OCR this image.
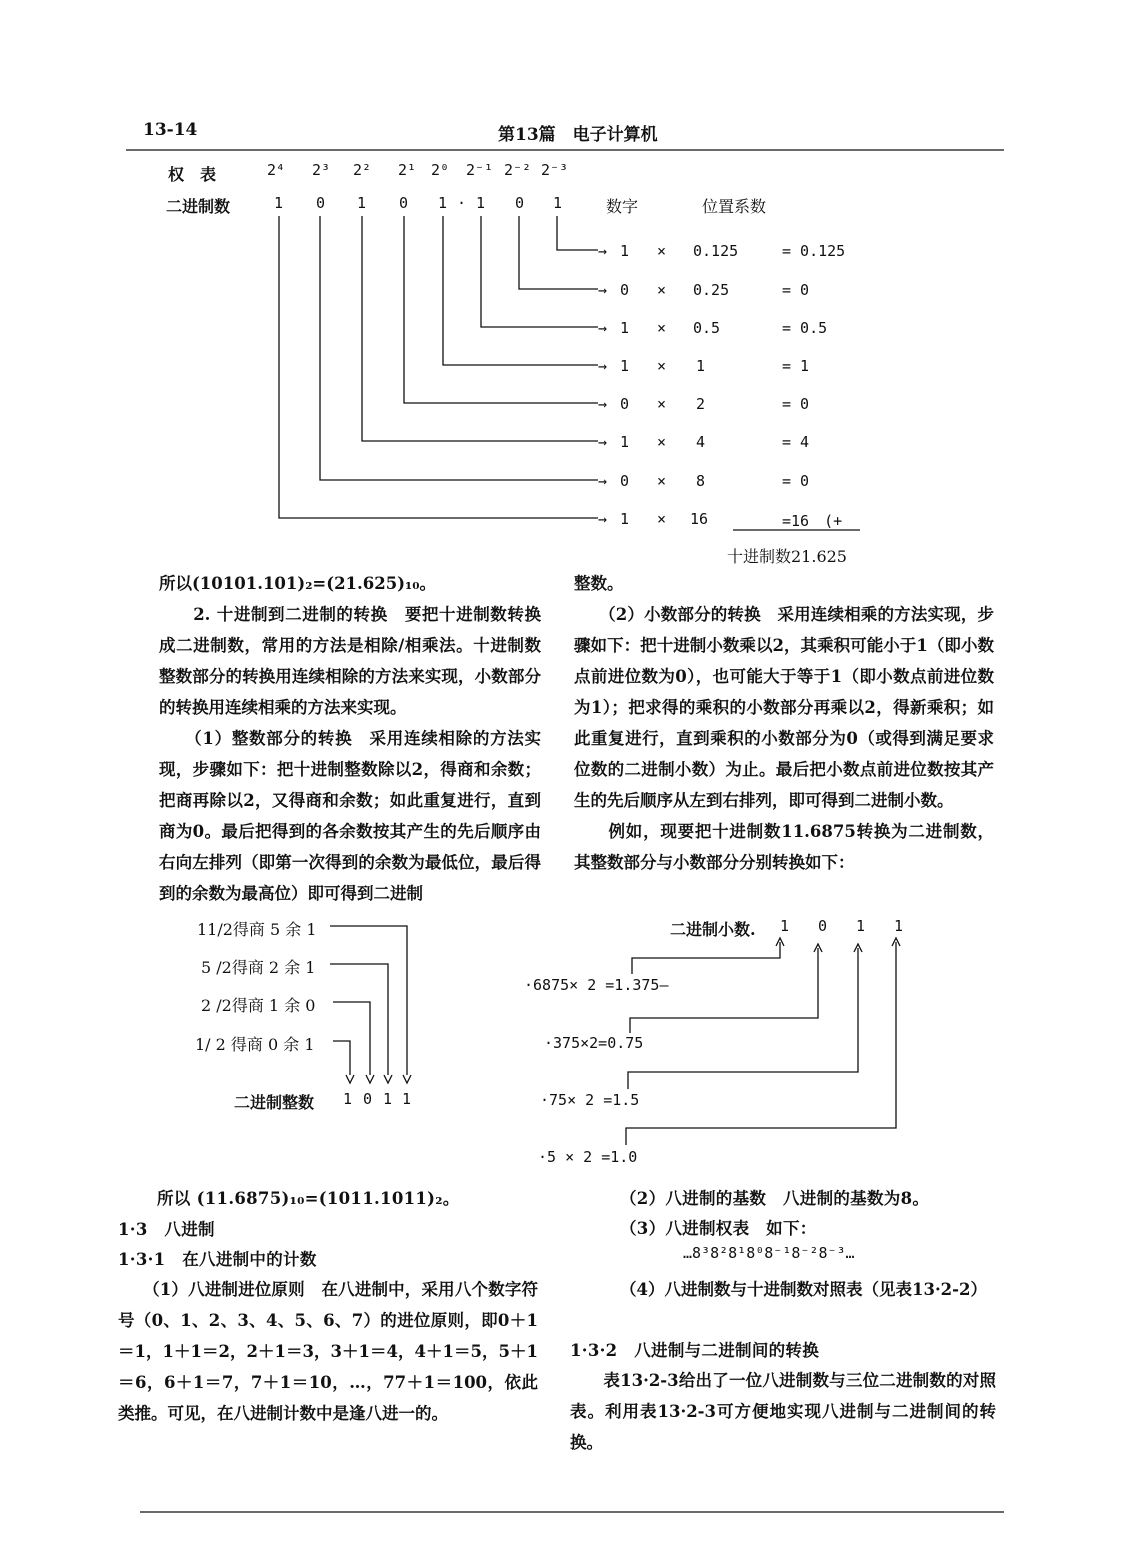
13-14	第13篇　电子计算机
权　表	2⁴ 2³ 2² 2¹ 2⁰ 2⁻¹ 2⁻² 2⁻³
二进制数	1 0 1 0 1 · 1 0 1	数字	位置系数
→ 1 × 0.125	= 0.125
→ 0 × 0.25	= 0
→ 1 × 0.5	= 0.5
→ 1 × 1	= 1
→ 0 × 2	= 0
→ 1 × 4	= 4
→ 0 × 8	= 0
→ 1 × 16	=16　(+
十进制数21.625

所以(10101.101)₂=(21.625)₁₀。

　　2. 十进制到二进制的转换　要把十进制数转换成二进制数，常用的方法是相除/相乘法。十进制数整数部分的转换用连续相除的方法来实现，小数部分的转换用连续相乘的方法来实现。

　　（1）整数部分的转换　采用连续相除的方法实现，步骤如下：把十进制整数除以2，得商和余数；把商再除以2，又得商和余数；如此重复进行，直到商为0。最后把得到的各余数按其产生的先后顺序由右向左排列（即第一次得到的余数为最低位，最后得到的余数为最高位）即可得到二进制

整数。

　　（2）小数部分的转换　采用连续相乘的方法实现，步骤如下：把十进制小数乘以2，其乘积可能小于1（即小数点前进位数为0），也可能大于等于1（即小数点前进位数为1）；把求得的乘积的小数部分再乘以2，得新乘积；如此重复进行，直到乘积的小数部分为0（或得到满足要求位数的二进制小数）为止。最后把小数点前进位数按其产生的先后顺序从左到右排列，即可得到二进制小数。

　　例如，现要把十进制数11.6875转换为二进制数，其整数部分与小数部分分别转换如下：

11/2得商 5 余 1
5 /2得商 2 余 1
2 /2得商 1 余 0
1/ 2 得商 0 余 1
二进制整数 1 0 1 1
二进制小数. 1 0 1 1
·6875× 2 =1.375—
·375×2=0.75
·75× 2 =1.5
·5 × 2 =1.0
所以 (11.6875)₁₀=(1011.1011)₂。
1·3　八进制
1·3·1　在八进制中的计数

　　（1）八进制进位原则　在八进制中，采用八个数字符号（0、1、2、3、4、5、6、7）的进位原则，即0＋1＝1，1＋1＝2，2＋1＝3，3＋1＝4，4＋1＝5，5＋1＝6，6＋1＝7，7＋1＝10，…，77＋1＝100，依此类推。可见，在八进制计数中是逢八进一的。

（2）八进制的基数　八进制的基数为8。
（3）八进制权表　如下：
…8³8²8¹8⁰8⁻¹8⁻²8⁻³…

（4）八进制数与十进制数对照表（见表13·2-2）

1·3·2　八进制与二进制间的转换

　　表13·2-3给出了一位八进制数与三位二进制数的对照表。利用表13·2-3可方便地实现八进制与二进制间的转换。
